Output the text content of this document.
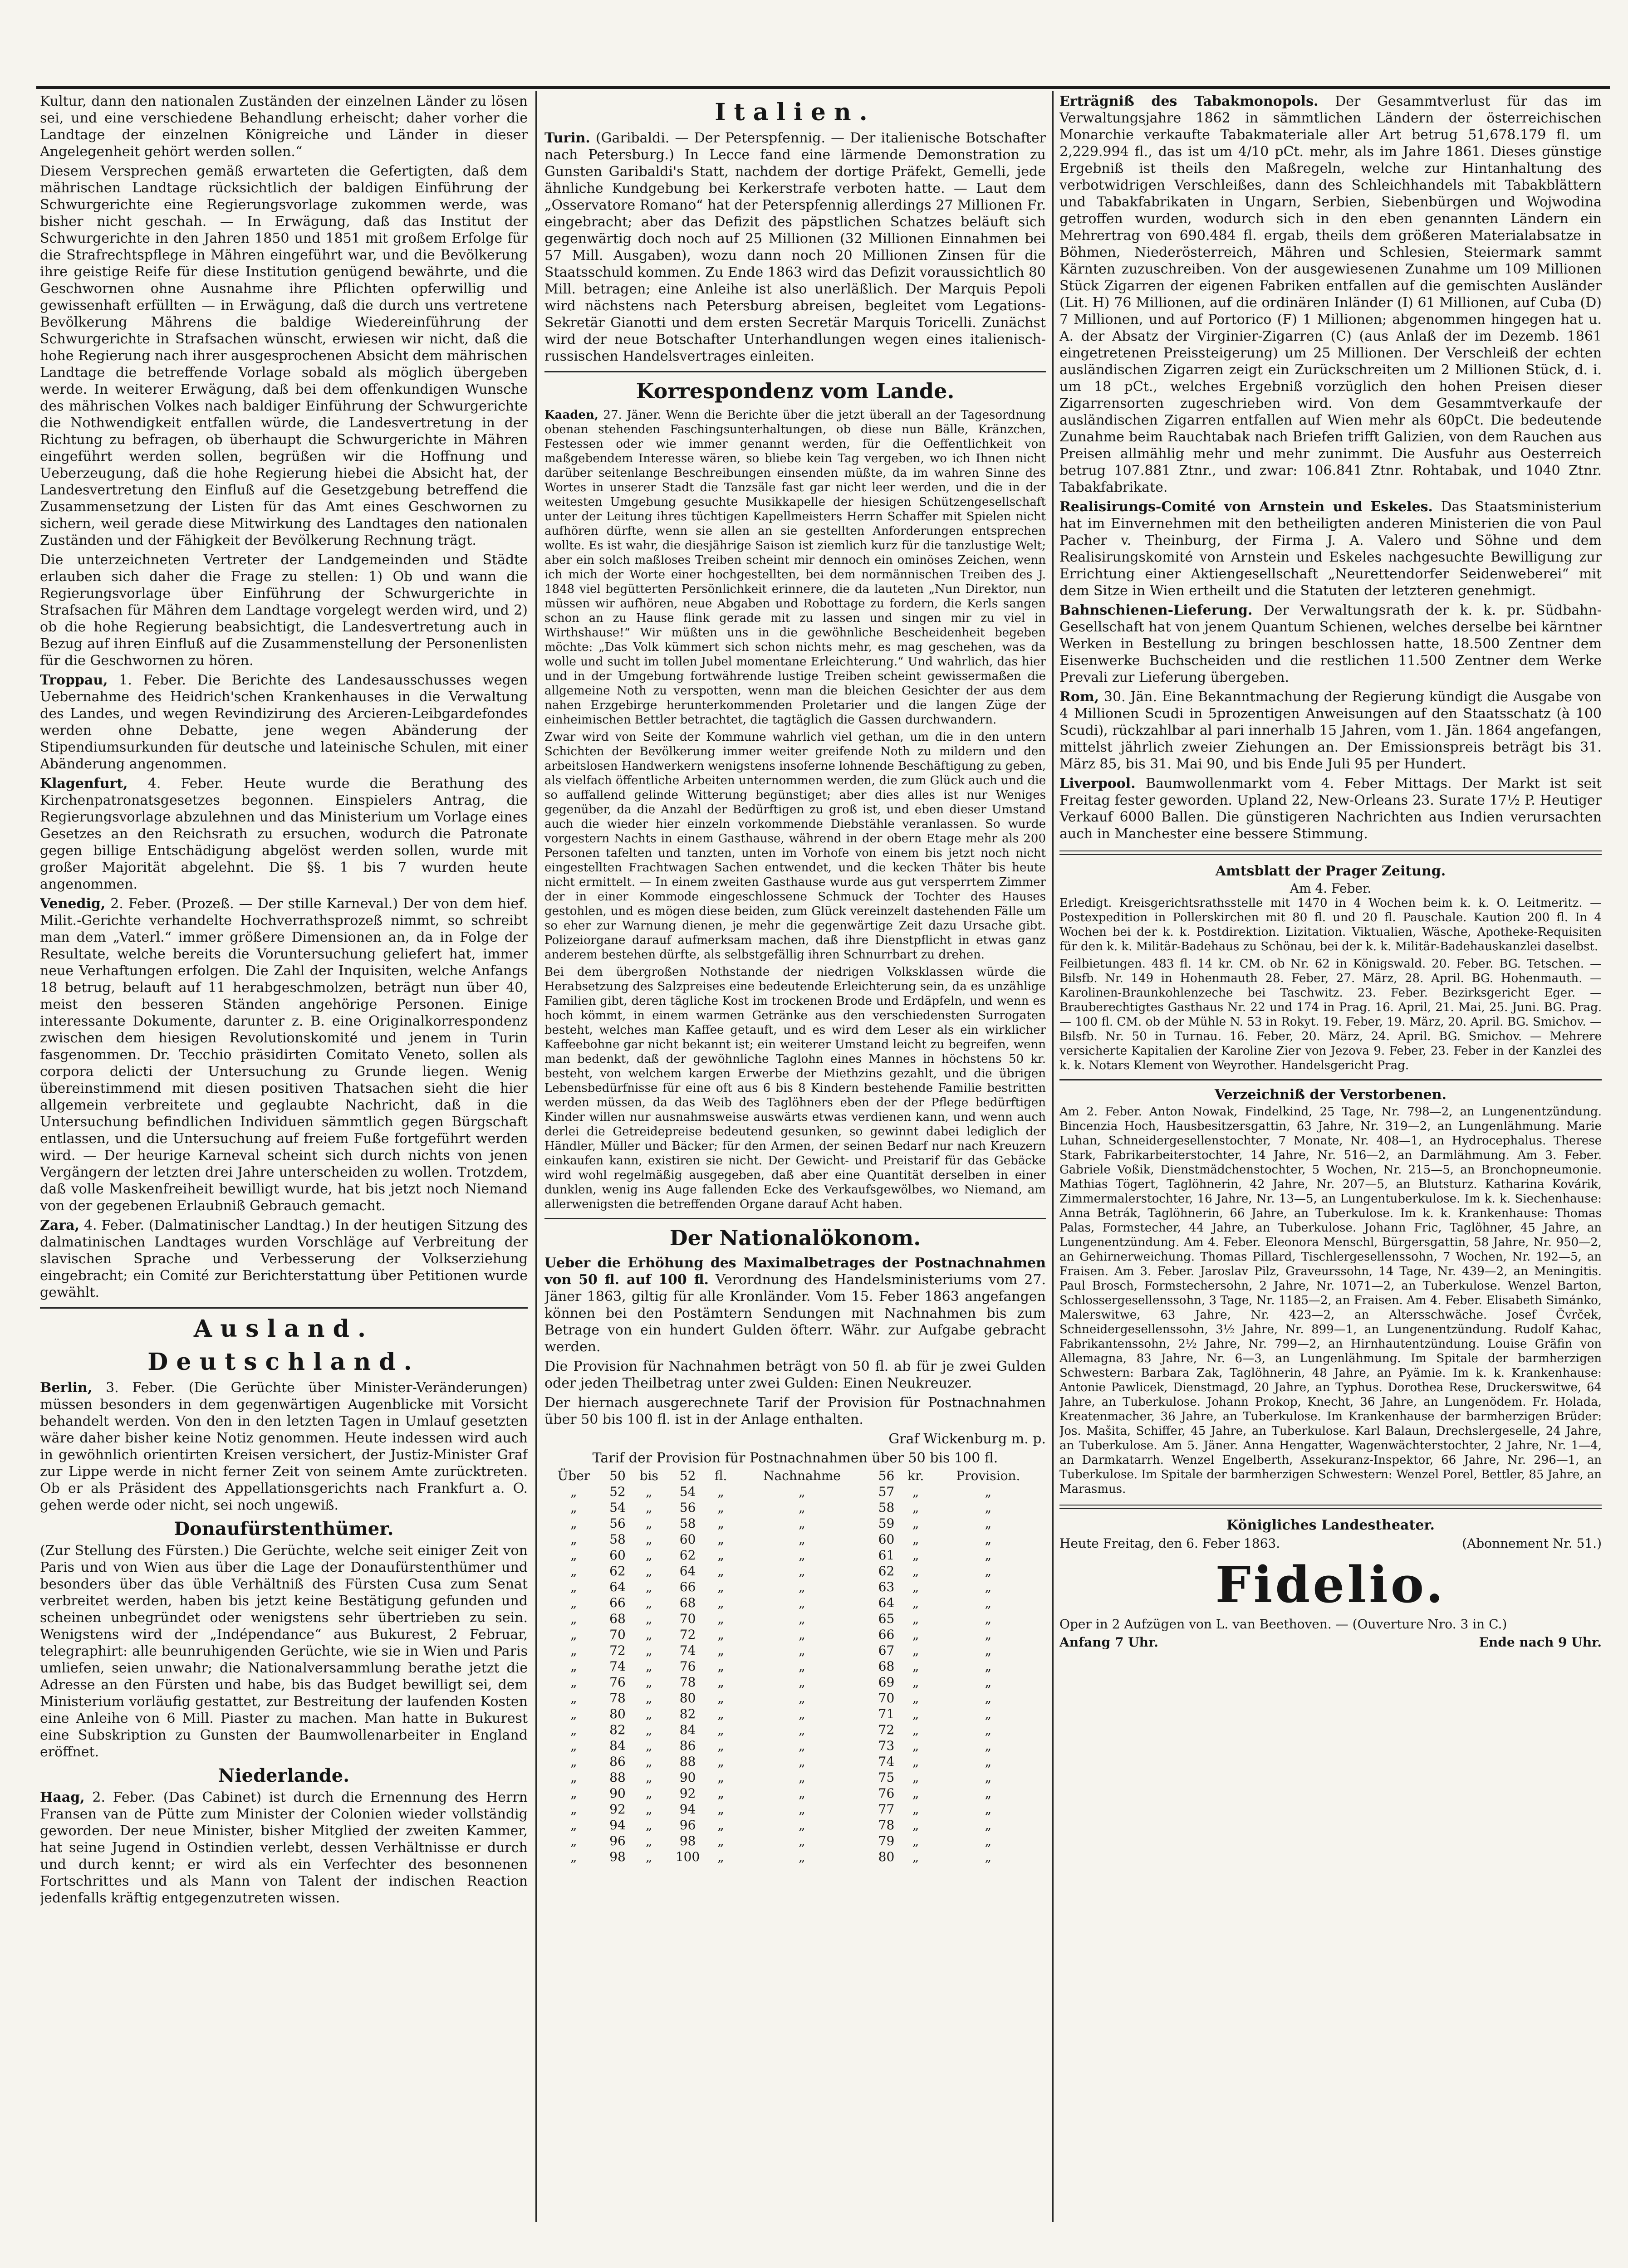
Kultur, dann den nationalen Zuständen der einzelnen Länder zu lösen sei, und eine verschiedene Behandlung erheischt; daher vorher die Landtage der einzelnen Königreiche und Länder in dieser Angelegenheit gehört werden sollen.“

Diesem Versprechen gemäß erwarteten die Gefertigten, daß dem mährischen Landtage rücksichtlich der baldigen Einführung der Schwurgerichte eine Regierungsvorlage zukommen werde, was bisher nicht geschah. — In Erwägung, daß das Institut der Schwurgerichte in den Jahren 1850 und 1851 mit großem Erfolge für die Strafrechtspflege in Mähren eingeführt war, und die Bevölkerung ihre geistige Reife für diese Institution genügend bewährte, und die Geschwornen ohne Ausnahme ihre Pflichten opferwillig und gewissenhaft erfüllten — in Erwägung, daß die durch uns vertretene Bevölkerung Mährens die baldige Wiedereinführung der Schwurgerichte in Strafsachen wünscht, erwiesen wir nicht, daß die hohe Regierung nach ihrer ausgesprochenen Absicht dem mährischen Landtage die betreffende Vorlage sobald als möglich übergeben werde. In weiterer Erwägung, daß bei dem offenkundigen Wunsche des mährischen Volkes nach baldiger Einführung der Schwurgerichte die Nothwendigkeit entfallen würde, die Landesvertretung in der Richtung zu befragen, ob überhaupt die Schwurgerichte in Mähren eingeführt werden sollen, begrüßen wir die Hoffnung und Ueberzeugung, daß die hohe Regierung hiebei die Absicht hat, der Landesvertretung den Einfluß auf die Gesetzgebung betreffend die Zusammensetzung der Listen für das Amt eines Geschwornen zu sichern, weil gerade diese Mitwirkung des Landtages den nationalen Zuständen und der Fähigkeit der Bevölkerung Rechnung trägt.

Die unterzeichneten Vertreter der Landgemeinden und Städte erlauben sich daher die Frage zu stellen: 1) Ob und wann die Regierungsvorlage über Einführung der Schwurgerichte in Strafsachen für Mähren dem Landtage vorgelegt werden wird, und 2) ob die hohe Regierung beabsichtigt, die Landesvertretung auch in Bezug auf ihren Einfluß auf die Zusammenstellung der Personenlisten für die Geschwornen zu hören.

Troppau, 1. Feber. Die Berichte des Landesausschusses wegen Uebernahme des Heidrich'schen Krankenhauses in die Verwaltung des Landes, und wegen Revindizirung des Arcieren-Leibgardefondes werden ohne Debatte, jene wegen Abänderung der Stipendiumsurkunden für deutsche und lateinische Schulen, mit einer Abänderung angenommen.

Klagenfurt, 4. Feber. Heute wurde die Berathung des Kirchenpatronatsgesetzes begonnen. Einspielers Antrag, die Regierungsvorlage abzulehnen und das Ministerium um Vorlage eines Gesetzes an den Reichsrath zu ersuchen, wodurch die Patronate gegen billige Entschädigung abgelöst werden sollen, wurde mit großer Majorität abgelehnt. Die §§. 1 bis 7 wurden heute angenommen.

Venedig, 2. Feber. (Prozeß. — Der stille Karneval.) Der von dem hief. Milit.-Gerichte verhandelte Hochverrathsprozeß nimmt, so schreibt man dem „Vaterl.“ immer größere Dimensionen an, da in Folge der Resultate, welche bereits die Voruntersuchung geliefert hat, immer neue Verhaftungen erfolgen. Die Zahl der Inquisiten, welche Anfangs 18 betrug, belauft auf 11 herabgeschmolzen, beträgt nun über 40, meist den besseren Ständen angehörige Personen. Einige interessante Dokumente, darunter z. B. eine Originalkorrespondenz zwischen dem hiesigen Revolutionskomité und jenem in Turin fasgenommen. Dr. Tecchio präsidirten Comitato Veneto, sollen als corpora delicti der Untersuchung zu Grunde liegen. Wenig übereinstimmend mit diesen positiven Thatsachen sieht die hier allgemein verbreitete und geglaubte Nachricht, daß in die Untersuchung befindlichen Individuen sämmtlich gegen Bürgschaft entlassen, und die Untersuchung auf freiem Fuße fortgeführt werden wird. — Der heurige Karneval scheint sich durch nichts von jenen Vergängern der letzten drei Jahre unterscheiden zu wollen. Trotzdem, daß volle Maskenfreiheit bewilligt wurde, hat bis jetzt noch Niemand von der gegebenen Erlaubniß Gebrauch gemacht.

Zara, 4. Feber. (Dalmatinischer Landtag.) In der heutigen Sitzung des dalmatinischen Landtages wurden Vorschläge auf Verbreitung der slavischen Sprache und Verbesserung der Volkserziehung eingebracht; ein Comité zur Berichterstattung über Petitionen wurde gewählt.

Ausland.
Deutschland.

Berlin, 3. Feber. (Die Gerüchte über Minister-Veränderungen) müssen besonders in dem gegenwärtigen Augenblicke mit Vorsicht behandelt werden. Von den in den letzten Tagen in Umlauf gesetzten wäre daher bisher keine Notiz genommen. Heute indessen wird auch in gewöhnlich orientirten Kreisen versichert, der Justiz-Minister Graf zur Lippe werde in nicht ferner Zeit von seinem Amte zurücktreten. Ob er als Präsident des Appellationsgerichts nach Frankfurt a. O. gehen werde oder nicht, sei noch ungewiß.

Donaufürstenthümer.

(Zur Stellung des Fürsten.) Die Gerüchte, welche seit einiger Zeit von Paris und von Wien aus über die Lage der Donaufürstenthümer und besonders über das üble Verhältniß des Fürsten Cusa zum Senat verbreitet werden, haben bis jetzt keine Bestätigung gefunden und scheinen unbegründet oder wenigstens sehr übertrieben zu sein. Wenigstens wird der „Indépendance“ aus Bukurest, 2 Februar, telegraphirt: alle beunruhigenden Gerüchte, wie sie in Wien und Paris umliefen, seien unwahr; die Nationalversammlung berathe jetzt die Adresse an den Fürsten und habe, bis das Budget bewilligt sei, dem Ministerium vorläufig gestattet, zur Bestreitung der laufenden Kosten eine Anleihe von 6 Mill. Piaster zu machen. Man hatte in Bukurest eine Subskription zu Gunsten der Baumwollenarbeiter in England eröffnet.

Niederlande.

Haag, 2. Feber. (Das Cabinet) ist durch die Ernennung des Herrn Fransen van de Pütte zum Minister der Colonien wieder vollständig geworden. Der neue Minister, bisher Mitglied der zweiten Kammer, hat seine Jugend in Ostindien verlebt, dessen Verhältnisse er durch und durch kennt; er wird als ein Verfechter des besonnenen Fortschrittes und als Mann von Talent der indischen Reaction jedenfalls kräftig entgegenzutreten wissen.

Italien.

Turin. (Garibaldi. — Der Peterspfennig. — Der italienische Botschafter nach Petersburg.) In Lecce fand eine lärmende Demonstration zu Gunsten Garibaldi's Statt, nachdem der dortige Präfekt, Gemelli, jede ähnliche Kundgebung bei Kerkerstrafe verboten hatte. — Laut dem „Osservatore Romano“ hat der Peterspfennig allerdings 27 Millionen Fr. eingebracht; aber das Defizit des päpstlichen Schatzes beläuft sich gegenwärtig doch noch auf 25 Millionen (32 Millionen Einnahmen bei 57 Mill. Ausgaben), wozu dann noch 20 Millionen Zinsen für die Staatsschuld kommen. Zu Ende 1863 wird das Defizit voraussichtlich 80 Mill. betragen; eine Anleihe ist also unerläßlich. Der Marquis Pepoli wird nächstens nach Petersburg abreisen, begleitet vom Legations-Sekretär Gianotti und dem ersten Secretär Marquis Toricelli. Zunächst wird der neue Botschafter Unterhandlungen wegen eines italienisch-russischen Handelsvertrages einleiten.

Korrespondenz vom Lande.

Kaaden, 27. Jäner. Wenn die Berichte über die jetzt überall an der Tagesordnung obenan stehenden Faschingsunterhaltungen, ob diese nun Bälle, Kränzchen, Festessen oder wie immer genannt werden, für die Oeffentlichkeit von maßgebendem Interesse wären, so bliebe kein Tag vergeben, wo ich Ihnen nicht darüber seitenlange Beschreibungen einsenden müßte, da im wahren Sinne des Wortes in unserer Stadt die Tanzsäle fast gar nicht leer werden, und die in der weitesten Umgebung gesuchte Musikkapelle der hiesigen Schützengesellschaft unter der Leitung ihres tüchtigen Kapellmeisters Herrn Schaffer mit Spielen nicht aufhören dürfte, wenn sie allen an sie gestellten Anforderungen entsprechen wollte. Es ist wahr, die diesjährige Saison ist ziemlich kurz für die tanzlustige Welt; aber ein solch maßloses Treiben scheint mir dennoch ein ominöses Zeichen, wenn ich mich der Worte einer hochgestellten, bei dem normännischen Treiben des J. 1848 viel begütterten Persönlichkeit erinnere, die da lauteten „Nun Direktor, nun müssen wir aufhören, neue Abgaben und Robottage zu fordern, die Kerls sangen schon an zu Hause flink gerade mit zu lassen und singen mir zu viel in Wirthshause!“ Wir müßten uns in die gewöhnliche Bescheidenheit begeben möchte: „Das Volk kümmert sich schon nichts mehr, es mag geschehen, was da wolle und sucht im tollen Jubel momentane Erleichterung.“ Und wahrlich, das hier und in der Umgebung fortwährende lustige Treiben scheint gewissermaßen die allgemeine Noth zu verspotten, wenn man die bleichen Gesichter der aus dem nahen Erzgebirge herunterkommenden Proletarier und die langen Züge der einheimischen Bettler betrachtet, die tagtäglich die Gassen durchwandern.

Zwar wird von Seite der Kommune wahrlich viel gethan, um die in den untern Schichten der Bevölkerung immer weiter greifende Noth zu mildern und den arbeitslosen Handwerkern wenigstens insoferne lohnende Beschäftigung zu geben, als vielfach öffentliche Arbeiten unternommen werden, die zum Glück auch und die so auffallend gelinde Witterung begünstiget; aber dies alles ist nur Weniges gegenüber, da die Anzahl der Bedürftigen zu groß ist, und eben dieser Umstand auch die wieder hier einzeln vorkommende Diebstähle veranlassen. So wurde vorgestern Nachts in einem Gasthause, während in der obern Etage mehr als 200 Personen tafelten und tanzten, unten im Vorhofe von einem bis jetzt noch nicht eingestellten Frachtwagen Sachen entwendet, und die kecken Thäter bis heute nicht ermittelt. — In einem zweiten Gasthause wurde aus gut versperrtem Zimmer der in einer Kommode eingeschlossene Schmuck der Tochter des Hauses gestohlen, und es mögen diese beiden, zum Glück vereinzelt dastehenden Fälle um so eher zur Warnung dienen, je mehr die gegenwärtige Zeit dazu Ursache gibt. Polizeiorgane darauf aufmerksam machen, daß ihre Dienstpflicht in etwas ganz anderem bestehen dürfte, als selbstgefällig ihren Schnurrbart zu drehen.

Bei dem übergroßen Nothstande der niedrigen Volksklassen würde die Herabsetzung des Salzpreises eine bedeutende Erleichterung sein, da es unzählige Familien gibt, deren tägliche Kost im trockenen Brode und Erdäpfeln, und wenn es hoch kömmt, in einem warmen Getränke aus den verschiedensten Surrogaten besteht, welches man Kaffee getauft, und es wird dem Leser als ein wirklicher Kaffeebohne gar nicht bekannt ist; ein weiterer Umstand leicht zu begreifen, wenn man bedenkt, daß der gewöhnliche Taglohn eines Mannes in höchstens 50 kr. besteht, von welchem kargen Erwerbe der Miethzins gezahlt, und die übrigen Lebensbedürfnisse für eine oft aus 6 bis 8 Kindern bestehende Familie bestritten werden müssen, da das Weib des Taglöhners eben der der Pflege bedürftigen Kinder willen nur ausnahmsweise auswärts etwas verdienen kann, und wenn auch derlei die Getreidepreise bedeutend gesunken, so gewinnt dabei lediglich der Händler, Müller und Bäcker; für den Armen, der seinen Bedarf nur nach Kreuzern einkaufen kann, existiren sie nicht. Der Gewicht- und Preistarif für das Gebäcke wird wohl regelmäßig ausgegeben, daß aber eine Quantität derselben in einer dunklen, wenig ins Auge fallenden Ecke des Verkaufsgewölbes, wo Niemand, am allerwenigsten die betreffenden Organe darauf Acht haben.

Der Nationalökonom.

Ueber die Erhöhung des Maximalbetrages der Postnachnahmen von 50 fl. auf 100 fl. Verordnung des Handelsministeriums vom 27. Jäner 1863, giltig für alle Kronländer. Vom 15. Feber 1863 angefangen können bei den Postämtern Sendungen mit Nachnahmen bis zum Betrage von ein hundert Gulden öfterr. Währ. zur Aufgabe gebracht werden.

Die Provision für Nachnahmen beträgt von 50 fl. ab für je zwei Gulden oder jeden Theilbetrag unter zwei Gulden: Einen Neukreuzer.

Der hiernach ausgerechnete Tarif der Provision für Postnachnahmen über 50 bis 100 fl. ist in der Anlage enthalten.

Graf Wickenburg m. p.

Tarif der Provision für Postnachnahmen über 50 bis 100 fl.
Über	50	bis	52	fl.	Nachnahme	56	kr.	Provision.
„	52	„	54	„	„	57	„	„
„	54	„	56	„	„	58	„	„
„	56	„	58	„	„	59	„	„
„	58	„	60	„	„	60	„	„
„	60	„	62	„	„	61	„	„
„	62	„	64	„	„	62	„	„
„	64	„	66	„	„	63	„	„
„	66	„	68	„	„	64	„	„
„	68	„	70	„	„	65	„	„
„	70	„	72	„	„	66	„	„
„	72	„	74	„	„	67	„	„
„	74	„	76	„	„	68	„	„
„	76	„	78	„	„	69	„	„
„	78	„	80	„	„	70	„	„
„	80	„	82	„	„	71	„	„
„	82	„	84	„	„	72	„	„
„	84	„	86	„	„	73	„	„
„	86	„	88	„	„	74	„	„
„	88	„	90	„	„	75	„	„
„	90	„	92	„	„	76	„	„
„	92	„	94	„	„	77	„	„
„	94	„	96	„	„	78	„	„
„	96	„	98	„	„	79	„	„
„	98	„	100	„	„	80	„	„

Erträgniß des Tabakmonopols. Der Gesammtverlust für das im Verwaltungsjahre 1862 in sämmtlichen Ländern der österreichischen Monarchie verkaufte Tabakmateriale aller Art betrug 51,678.179 fl. um 2,229.994 fl., das ist um 4/10 pCt. mehr, als im Jahre 1861. Dieses günstige Ergebniß ist theils den Maßregeln, welche zur Hintanhaltung des verbotwidrigen Verschleißes, dann des Schleichhandels mit Tabakblättern und Tabakfabrikaten in Ungarn, Serbien, Siebenbürgen und Wojwodina getroffen wurden, wodurch sich in den eben genannten Ländern ein Mehrertrag von 690.484 fl. ergab, theils dem größeren Materialabsatze in Böhmen, Niederösterreich, Mähren und Schlesien, Steiermark sammt Kärnten zuzuschreiben. Von der ausgewiesenen Zunahme um 109 Millionen Stück Zigarren der eigenen Fabriken entfallen auf die gemischten Ausländer (Lit. H) 76 Millionen, auf die ordinären Inländer (I) 61 Millionen, auf Cuba (D) 7 Millionen, und auf Portorico (F) 1 Millionen; abgenommen hingegen hat u. A. der Absatz der Virginier-Zigarren (C) (aus Anlaß der im Dezemb. 1861 eingetretenen Preissteigerung) um 25 Millionen. Der Verschleiß der echten ausländischen Zigarren zeigt ein Zurückschreiten um 2 Millionen Stück, d. i. um 18 pCt., welches Ergebniß vorzüglich den hohen Preisen dieser Zigarrensorten zugeschrieben wird. Von dem Gesammtverkaufe der ausländischen Zigarren entfallen auf Wien mehr als 60pCt. Die bedeutende Zunahme beim Rauchtabak nach Briefen trifft Galizien, von dem Rauchen aus Preisen allmählig mehr und mehr zunimmt. Die Ausfuhr aus Oesterreich betrug 107.881 Ztnr., und zwar: 106.841 Ztnr. Rohtabak, und 1040 Ztnr. Tabakfabrikate.

Realisirungs-Comité von Arnstein und Eskeles. Das Staatsministerium hat im Einvernehmen mit den betheiligten anderen Ministerien die von Paul Pacher v. Theinburg, der Firma J. A. Valero und Söhne und dem Realisirungskomité von Arnstein und Eskeles nachgesuchte Bewilligung zur Errichtung einer Aktiengesellschaft „Neurettendorfer Seidenweberei“ mit dem Sitze in Wien ertheilt und die Statuten der letzteren genehmigt.

Bahnschienen-Lieferung. Der Verwaltungsrath der k. k. pr. Südbahn-Gesellschaft hat von jenem Quantum Schienen, welches derselbe bei kärntner Werken in Bestellung zu bringen beschlossen hatte, 18.500 Zentner dem Eisenwerke Buchscheiden und die restlichen 11.500 Zentner dem Werke Prevali zur Lieferung übergeben.

Rom, 30. Jän. Eine Bekanntmachung der Regierung kündigt die Ausgabe von 4 Millionen Scudi in 5prozentigen Anweisungen auf den Staatsschatz (à 100 Scudi), rückzahlbar al pari innerhalb 15 Jahren, vom 1. Jän. 1864 angefangen, mittelst jährlich zweier Ziehungen an. Der Emissionspreis beträgt bis 31. März 85, bis 31. Mai 90, und bis Ende Juli 95 per Hundert.

Liverpool. Baumwollenmarkt vom 4. Feber Mittags. Der Markt ist seit Freitag fester geworden. Upland 22, New-Orleans 23. Surate 17½ P. Heutiger Verkauf 6000 Ballen. Die günstigeren Nachrichten aus Indien verursachten auch in Manchester eine bessere Stimmung.

Amtsblatt der Prager Zeitung.
Am 4. Feber.

Erledigt. Kreisgerichtsrathsstelle mit 1470 in 4 Wochen beim k. k. O. Leitmeritz. — Postexpedition in Pollerskirchen mit 80 fl. und 20 fl. Pauschale. Kaution 200 fl. In 4 Wochen bei der k. k. Postdirektion. Lizitation. Viktualien, Wäsche, Apotheke-Requisiten für den k. k. Militär-Badehaus zu Schönau, bei der k. k. Militär-Badehauskanzlei daselbst.

Feilbietungen. 483 fl. 14 kr. CM. ob Nr. 62 in Königswald. 20. Feber. BG. Tetschen. — Bilsfb. Nr. 149 in Hohenmauth 28. Feber, 27. März, 28. April. BG. Hohenmauth. — Karolinen-Braunkohlenzeche bei Taschwitz. 23. Feber. Bezirksgericht Eger. — Brauberechtigtes Gasthaus Nr. 22 und 174 in Prag. 16. April, 21. Mai, 25. Juni. BG. Prag. — 100 fl. CM. ob der Mühle N. 53 in Rokyt. 19. Feber, 19. März, 20. April. BG. Smichov. — Bilsfb. Nr. 50 in Turnau. 16. Feber, 20. März, 24. April. BG. Smichov. — Mehrere versicherte Kapitalien der Karoline Zier von Jezova 9. Feber, 23. Feber in der Kanzlei des k. k. Notars Klement von Weyrother. Handelsgericht Prag.

Verzeichniß der Verstorbenen.

Am 2. Feber. Anton Nowak, Findelkind, 25 Tage, Nr. 798—2, an Lungenentzündung. Bincenzia Hoch, Hausbesitzersgattin, 63 Jahre, Nr. 319—2, an Lungenlähmung. Marie Luhan, Schneidergesellenstochter, 7 Monate, Nr. 408—1, an Hydrocephalus. Therese Stark, Fabrikarbeiterstochter, 14 Jahre, Nr. 516—2, an Darmlähmung. Am 3. Feber. Gabriele Voßik, Dienstmädchenstochter, 5 Wochen, Nr. 215—5, an Bronchopneumonie. Mathias Tögert, Taglöhnerin, 42 Jahre, Nr. 207—5, an Blutsturz. Katharina Kovárik, Zimmermalerstochter, 16 Jahre, Nr. 13—5, an Lungentuberkulose. Im k. k. Siechenhause: Anna Betrák, Taglöhnerin, 66 Jahre, an Tuberkulose. Im k. k. Krankenhause: Thomas Palas, Formstecher, 44 Jahre, an Tuberkulose. Johann Fric, Taglöhner, 45 Jahre, an Lungenentzündung. Am 4. Feber. Eleonora Menschl, Bürgersgattin, 58 Jahre, Nr. 950—2, an Gehirnerweichung. Thomas Pillard, Tischlergesellenssohn, 7 Wochen, Nr. 192—5, an Fraisen. Am 3. Feber. Jaroslav Pilz, Graveurssohn, 14 Tage, Nr. 439—2, an Meningitis. Paul Brosch, Formstechersohn, 2 Jahre, Nr. 1071—2, an Tuberkulose. Wenzel Barton, Schlossergesellenssohn, 3 Tage, Nr. 1185—2, an Fraisen. Am 4. Feber. Elisabeth Simánko, Malerswitwe, 63 Jahre, Nr. 423—2, an Altersschwäche. Josef Čvrček, Schneidergesellenssohn, 3½ Jahre, Nr. 899—1, an Lungenentzündung. Rudolf Kahac, Fabrikantenssohn, 2½ Jahre, Nr. 799—2, an Hirnhautentzündung. Louise Gräfin von Allemagna, 83 Jahre, Nr. 6—3, an Lungenlähmung. Im Spitale der barmherzigen Schwestern: Barbara Zak, Taglöhnerin, 48 Jahre, an Pyämie. Im k. k. Krankenhause: Antonie Pawlicek, Dienstmagd, 20 Jahre, an Typhus. Dorothea Rese, Druckerswitwe, 64 Jahre, an Tuberkulose. Johann Prokop, Knecht, 36 Jahre, an Lungenödem. Fr. Holada, Kreatenmacher, 36 Jahre, an Tuberkulose. Im Krankenhause der barmherzigen Brüder: Jos. Mašita, Schiffer, 45 Jahre, an Tuberkulose. Karl Balaun, Drechslergeselle, 24 Jahre, an Tuberkulose. Am 5. Jäner. Anna Hengatter, Wagenwächterstochter, 2 Jahre, Nr. 1—4, an Darmkatarrh. Wenzel Engelberth, Assekuranz-Inspektor, 66 Jahre, Nr. 296—1, an Tuberkulose. Im Spitale der barmherzigen Schwestern: Wenzel Porel, Bettler, 85 Jahre, an Marasmus.

Königliches Landestheater.
Heute Freitag, den 6. Feber 1863.	(Abonnement Nr. 51.)
Fidelio.

Oper in 2 Aufzügen von L. van Beethoven. — (Ouverture Nro. 3 in C.)

Anfang 7 Uhr.	Ende nach 9 Uhr.
